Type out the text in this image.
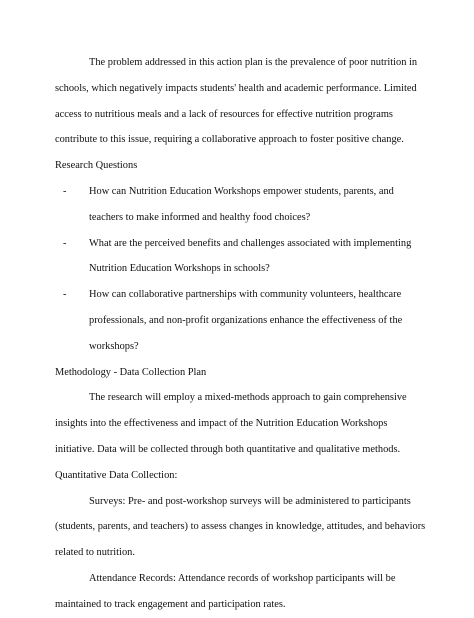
The problem addressed in this action plan is the prevalence of poor nutrition in schools, which negatively impacts students' health and academic performance. Limited access to nutritious meals and a lack of resources for effective nutrition programs contribute to this issue, requiring a collaborative approach to foster positive change.

Research Questions

- How can Nutrition Education Workshops empower students, parents, and teachers to make informed and healthy food choices?
- What are the perceived benefits and challenges associated with implementing Nutrition Education Workshops in schools?
- How can collaborative partnerships with community volunteers, healthcare professionals, and non-profit organizations enhance the effectiveness of the workshops?

Methodology - Data Collection Plan

The research will employ a mixed-methods approach to gain comprehensive insights into the effectiveness and impact of the Nutrition Education Workshops initiative. Data will be collected through both quantitative and qualitative methods.

Quantitative Data Collection:

Surveys: Pre- and post-workshop surveys will be administered to participants (students, parents, and teachers) to assess changes in knowledge, attitudes, and behaviors related to nutrition.

Attendance Records: Attendance records of workshop participants will be maintained to track engagement and participation rates.
